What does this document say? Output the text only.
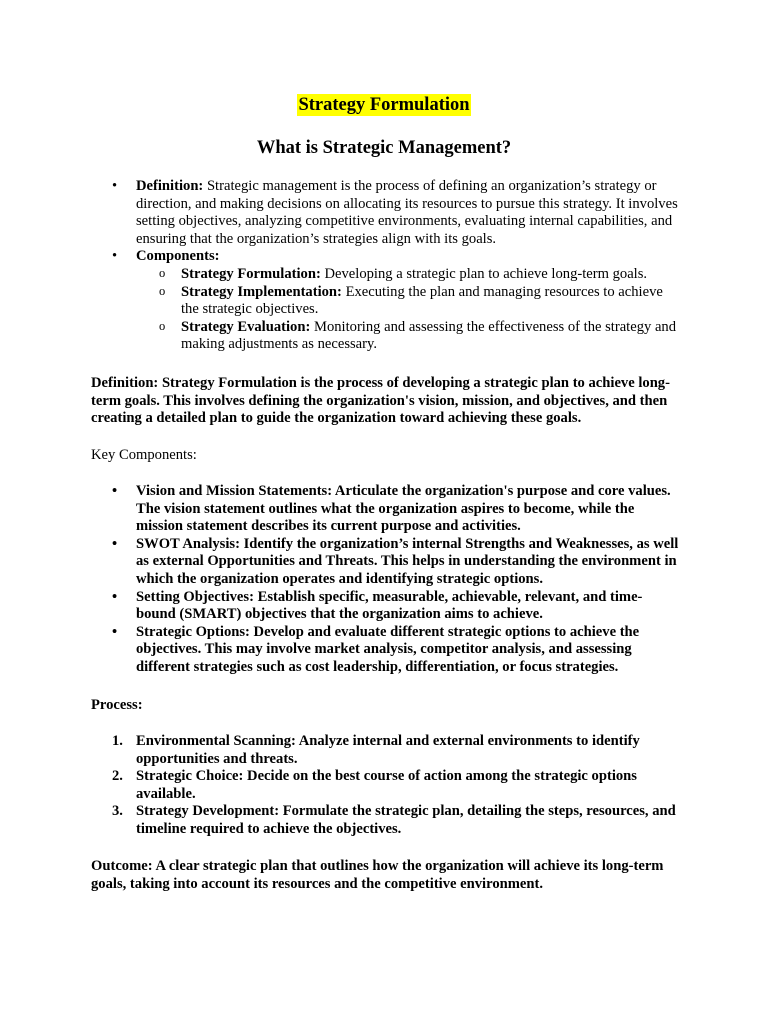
Strategy Formulation
What is Strategic Management?
• Definition: Strategic management is the process of defining an organization’s strategy or direction, and making decisions on allocating its resources to pursue this strategy. It involves setting objectives, analyzing competitive environments, evaluating internal capabilities, and ensuring that the organization’s strategies align with its goals.
• Components:
o Strategy Formulation: Developing a strategic plan to achieve long-term goals.
o Strategy Implementation: Executing the plan and managing resources to achieve the strategic objectives.
o Strategy Evaluation: Monitoring and assessing the effectiveness of the strategy and making adjustments as necessary.
Definition: Strategy Formulation is the process of developing a strategic plan to achieve long-term goals. This involves defining the organization's vision, mission, and objectives, and then creating a detailed plan to guide the organization toward achieving these goals.
Key Components:
• Vision and Mission Statements: Articulate the organization's purpose and core values. The vision statement outlines what the organization aspires to become, while the mission statement describes its current purpose and activities.
• SWOT Analysis: Identify the organization’s internal Strengths and Weaknesses, as well as external Opportunities and Threats. This helps in understanding the environment in which the organization operates and identifying strategic options.
• Setting Objectives: Establish specific, measurable, achievable, relevant, and time-bound (SMART) objectives that the organization aims to achieve.
• Strategic Options: Develop and evaluate different strategic options to achieve the objectives. This may involve market analysis, competitor analysis, and assessing different strategies such as cost leadership, differentiation, or focus strategies.
Process:
1. Environmental Scanning: Analyze internal and external environments to identify opportunities and threats.
2. Strategic Choice: Decide on the best course of action among the strategic options available.
3. Strategy Development: Formulate the strategic plan, detailing the steps, resources, and timeline required to achieve the objectives.
Outcome: A clear strategic plan that outlines how the organization will achieve its long-term goals, taking into account its resources and the competitive environment.
